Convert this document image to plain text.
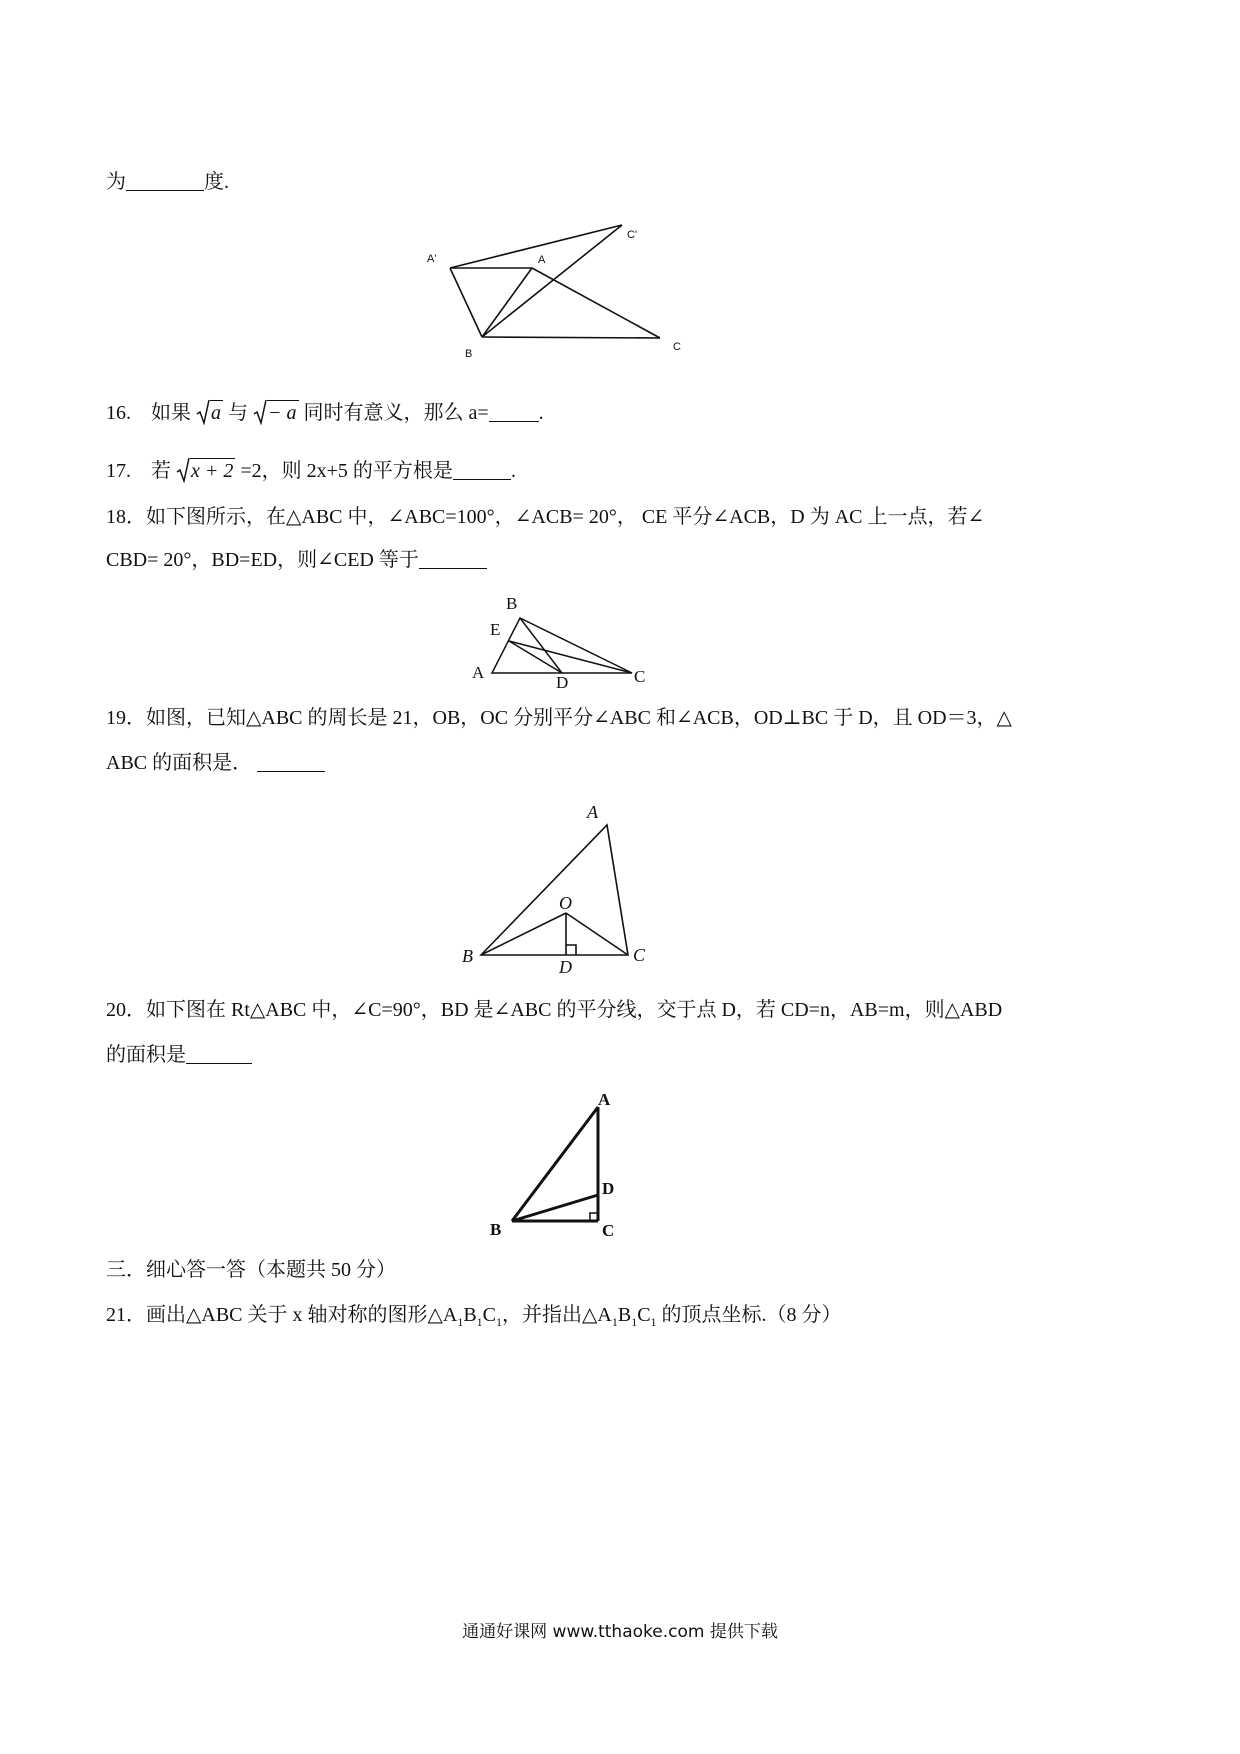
为	度.
A'
C'
A
B
C
16. 如果 a 与 − a 同时有意义，那么 a=	.
17. 若 x + 2 =2，则 2x+5 的平方根是	.
18．如下图所示，在△ABC 中，∠ABC=100°，∠ACB= 20°， CE 平分∠ACB，D 为 AC 上一点，若∠
CBD= 20°，BD=ED，则∠CED 等于
B
E
A
D	C
19．如图，已知△ABC 的周长是 21，OB，OC 分别平分∠ABC 和∠ACB，OD⊥BC 于 D，且 OD＝3，△
ABC 的面积是．
A
O
B	C
D
20．如下图在 Rt△ABC 中，∠C=90°，BD 是∠ABC 的平分线，交于点 D，若 CD=n，AB=m，则△ABD
的面积是
A
D
B	C
三．细心答一答（本题共 50 分）
21．画出△ABC 关于 x 轴对称的图形$\triangle A_1B_1C_1$，并指出$\triangle A_1B_1C_1$ 的顶点坐标.（8 分）
通通好课网 www.tthaoke.com 提供下载
